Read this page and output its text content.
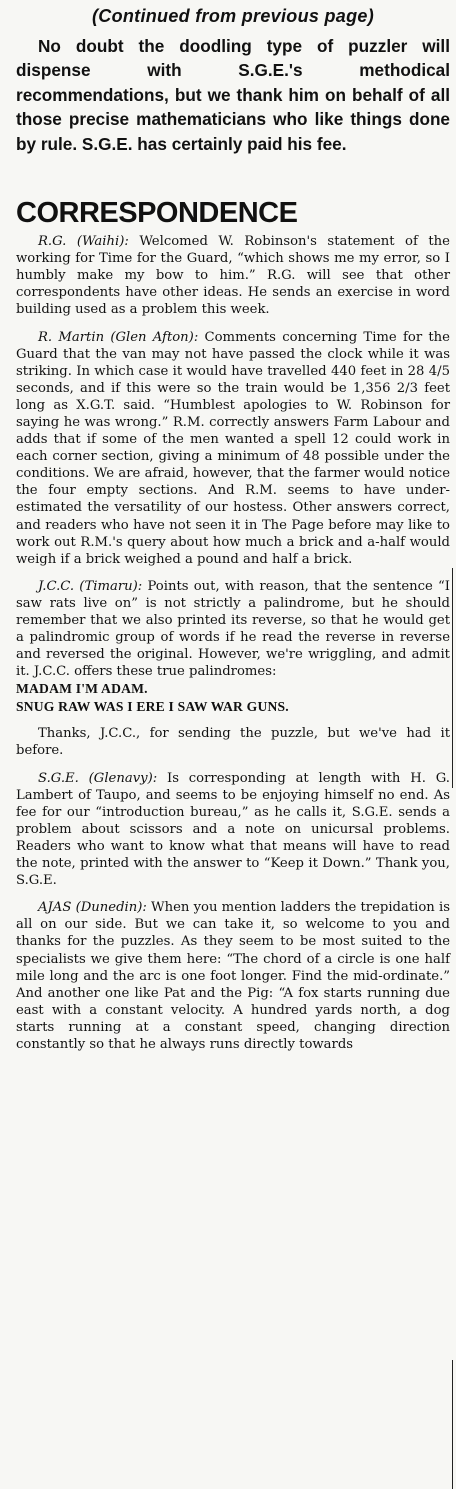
(Continued from previous page)

No doubt the doodling type of puzzler will dispense with S.G.E.'s methodical recommendations, but we thank him on behalf of all those precise mathematicians who like things done by rule. S.G.E. has certainly paid his fee.

CORRESPONDENCE

R.G. (Waihi): Welcomed W. Robinson's statement of the working for Time for the Guard, “which shows me my error, so I humbly make my bow to him.” R.G. will see that other correspondents have other ideas. He sends an exercise in word building used as a problem this week.

R. Martin (Glen Afton): Comments concerning Time for the Guard that the van may not have passed the clock while it was striking. In which case it would have travelled 440 feet in 28 4/5 seconds, and if this were so the train would be 1,356 2/3 feet long as X.G.T. said. “Humblest apologies to W. Robinson for saying he was wrong.” R.M. correctly answers Farm Labour and adds that if some of the men wanted a spell 12 could work in each corner section, giving a minimum of 48 possible under the conditions. We are afraid, however, that the farmer would notice the four empty sections. And R.M. seems to have under-estimated the versatility of our hostess. Other answers correct, and readers who have not seen it in The Page before may like to work out R.M.'s query about how much a brick and a-half would weigh if a brick weighed a pound and half a brick.

J.C.C. (Timaru): Points out, with reason, that the sentence “I saw rats live on” is not strictly a palindrome, but he should remember that we also printed its reverse, so that he would get a palindromic group of words if he read the reverse in reverse and reversed the original. However, we're wriggling, and admit it. J.C.C. offers these true palindromes:

MADAM I'M ADAM.
SNUG RAW WAS I ERE I SAW WAR GUNS.

Thanks, J.C.C., for sending the puzzle, but we've had it before.

S.G.E. (Glenavy): Is corresponding at length with H. G. Lambert of Taupo, and seems to be enjoying himself no end. As fee for our “introduction bureau,” as he calls it, S.G.E. sends a problem about scissors and a note on unicursal problems. Readers who want to know what that means will have to read the note, printed with the answer to “Keep it Down.” Thank you, S.G.E.

AJAS (Dunedin): When you mention ladders the trepidation is all on our side. But we can take it, so welcome to you and thanks for the puzzles. As they seem to be most suited to the specialists we give them here: “The chord of a circle is one half mile long and the arc is one foot longer. Find the mid-ordinate.” And another one like Pat and the Pig: “A fox starts running due east with a constant velocity. A hundred yards north, a dog starts running at a constant speed, changing direction constantly so that he always runs directly towards
